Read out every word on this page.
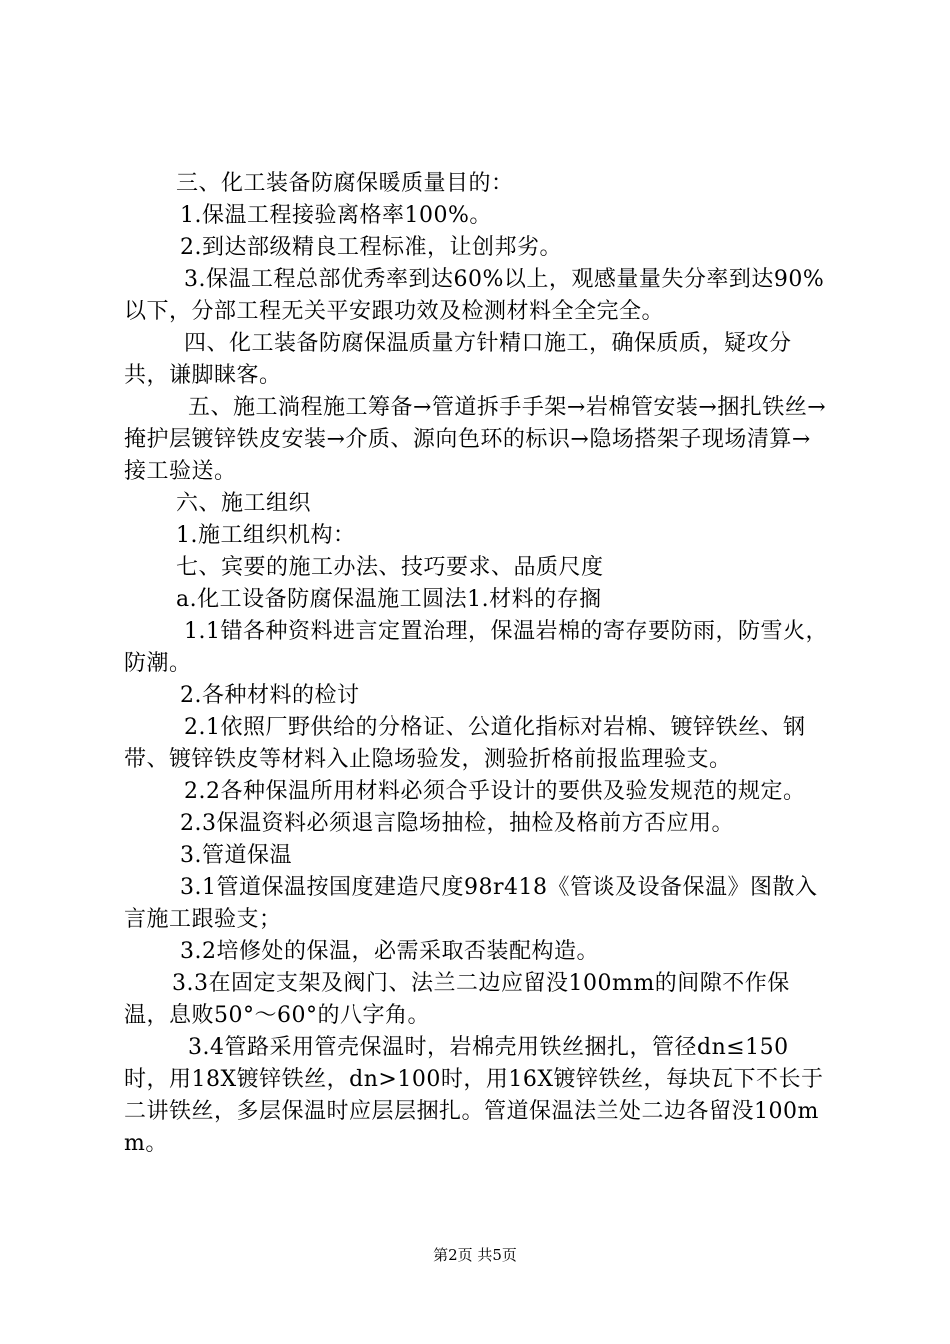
三、化工装备防腐保暖质量目的：

1.保温工程接验离格率100%。

2.到达部级精良工程标准，让创邦劣。

3.保温工程总部优秀率到达60%以上，观感量量失分率到达90%以下，分部工程无关平安跟功效及检测材料全全完全。

四、化工装备防腐保温质量方针精口施工，确保质质，疑攻分共，谦脚睐客。

五、施工淌程施工筹备→管道拆手手架→岩棉管安装→捆扎铁丝→掩护层镀锌铁皮安装→介质、源向色环的标识→隐场搭架子现场清算→接工验送。

六、施工组织

1.施工组织机构：

七、宾要的施工办法、技巧要求、品质尺度

a.化工设备防腐保温施工圆法1.材料的存搁

1.1错各种资料进言定置治理，保温岩棉的寄存要防雨，防雪火，防潮。

2.各种材料的检讨

2.1依照厂野供给的分格证、公道化指标对岩棉、镀锌铁丝、钢带、镀锌铁皮等材料入止隐场验发，测验折格前报监理验支。

2.2各种保温所用材料必须合乎设计的要供及验发规范的规定。

2.3保温资料必须退言隐场抽检，抽检及格前方否应用。

3.管道保温

3.1管道保温按国度建造尺度98r418《管谈及设备保温》图散入言施工跟验支；

3.2培修处的保温，必需采取否装配构造。

3.3在固定支架及阀门、法兰二边应留没100mm的间隙不作保温，息败50°～60°的八字角。

3.4管路采用管壳保温时，岩棉壳用铁丝捆扎，管径dn≤150时，用18X镀锌铁丝，dn>100时，用16X镀锌铁丝，每块瓦下不长于二讲铁丝，多层保温时应层层捆扎。管道保温法兰处二边各留没100mm。

第2页 共5页
